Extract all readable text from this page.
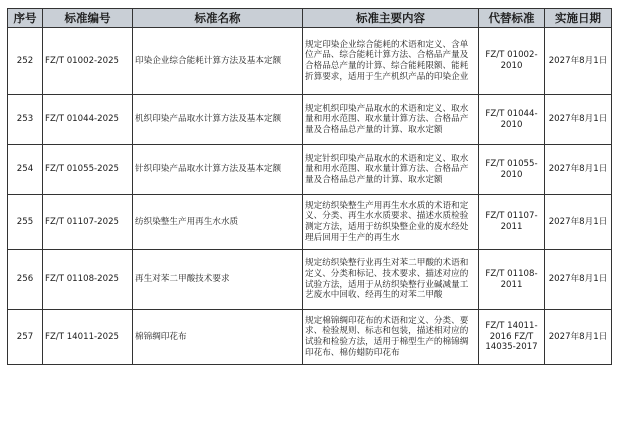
序号	标准编号	标准名称	标准主要内容	代替标准	实施日期
252	FZ/T 01002-2025	印染企业综合能耗计算方法及基本定额	规定印染企业综合能耗的术语和定义、含单位产品、综合能耗计算方法、合格品产量及合格品总产量的计算、综合能耗限额、能耗折算要求，适用于生产机织产品的印染企业	FZ/T 01002-2010	2027年8月1日
253	FZ/T 01044-2025	机织印染产品取水计算方法及基本定额	规定机织印染产品取水的术语和定义、取水量和用水范围、取水量计算方法、合格品产量及合格品总产量的计算、取水定额	FZ/T 01044-2010	2027年8月1日
254	FZ/T 01055-2025	针织印染产品取水计算方法及基本定额	规定针织印染产品取水的术语和定义、取水量和用水范围、取水量计算方法、合格品产量及合格品总产量的计算、取水定额	FZ/T 01055-2010	2027年8月1日
255	FZ/T 01107-2025	纺织染整生产用再生水水质	规定纺织染整生产用再生水水质的术语和定义、分类、再生水水质要求、描述水质检验测定方法，适用于纺织染整企业的废水经处理后回用于生产的再生水	FZ/T 01107-2011	2027年8月1日
256	FZ/T 01108-2025	再生对苯二甲酸技术要求	规定纺织染整行业再生对苯二甲酸的术语和定义、分类和标记、技术要求、描述对应的试验方法，适用于从纺织染整行业碱减量工艺废水中回收、经再生的对苯二甲酸	FZ/T 01108-2011	2027年8月1日
257	FZ/T 14011-2025	棉锦绸印花布	规定棉锦绸印花布的术语和定义、分类、要求、检验规则、标志和包装，描述相对应的试验和检验方法，适用于棉型生产的棉锦绸印花布、棉仿蜡防印花布	FZ/T 14011-2016 FZ/T 14035-2017	2027年8月1日
